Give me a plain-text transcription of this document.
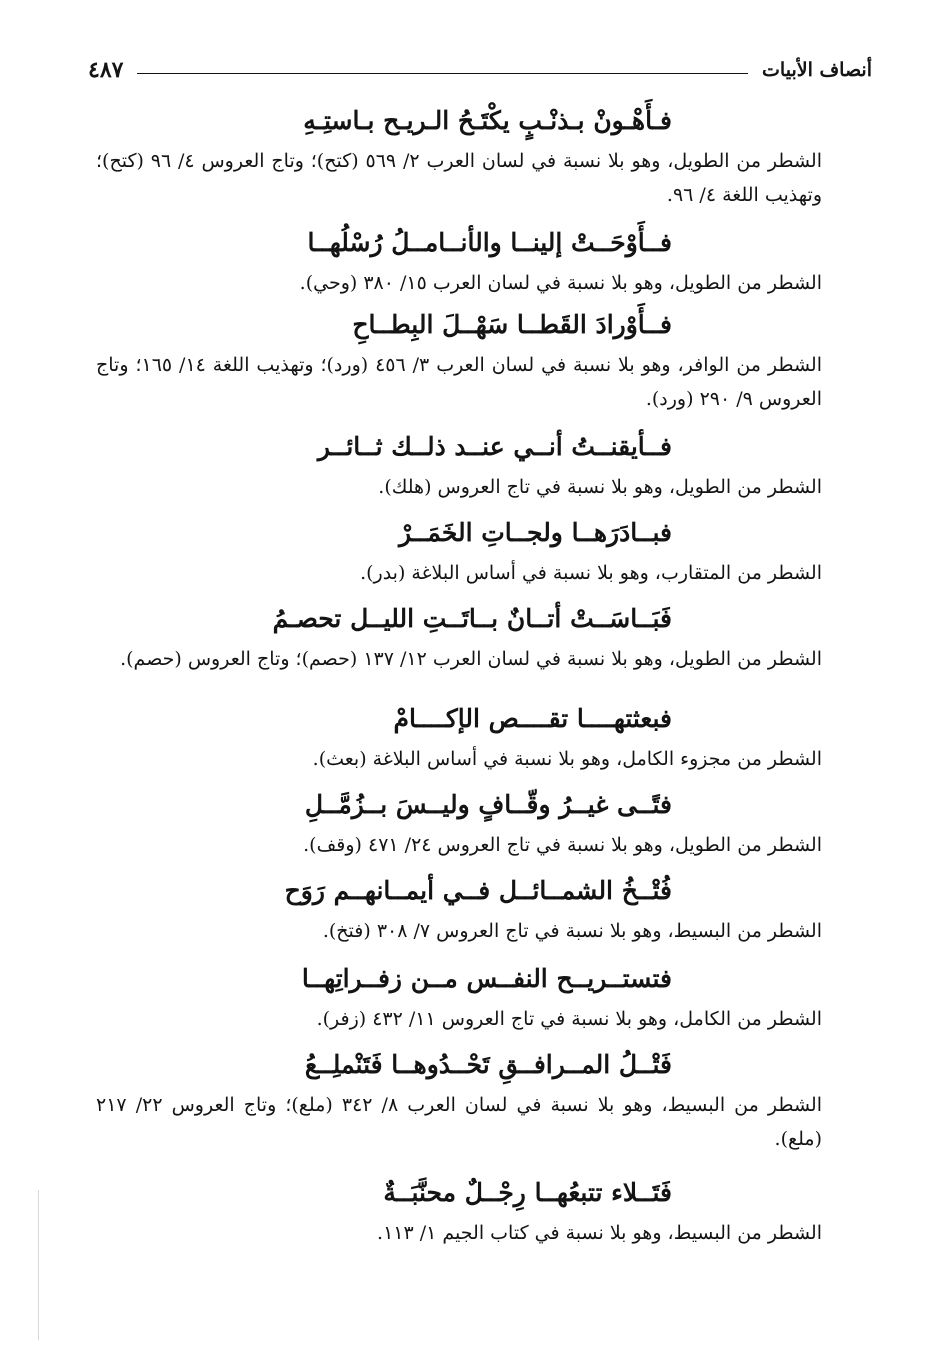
أنصاف الأبيات
٤٨٧
فـأَهْـونْ بـذنْـبٍ يكْتَـحُ الـريـح بـاستِـهِ
الشطر من الطويل، وهو بلا نسبة في لسان العرب ٢/ ٥٦٩ (كتح)؛ وتاج العروس ٤/ ٩٦ (كتح)؛ وتهذيب اللغة ٤/ ٩٦.
فــأَوْحَــتْ إلينــا والأنــامــلُ رُسْلُهــا
الشطر من الطويل، وهو بلا نسبة في لسان العرب ١٥/ ٣٨٠ (وحي).
فــأَوْرادَ القَطــا سَهْــلَ البِطــاحِ
الشطر من الوافر، وهو بلا نسبة في لسان العرب ٣/ ٤٥٦ (ورد)؛ وتهذيب اللغة ١٤/ ١٦٥؛ وتاج العروس ٩/ ٢٩٠ (ورد).
فــأيقنــتُ أنــي عنــد ذلــك ثــائــر
الشطر من الطويل، وهو بلا نسبة في تاج العروس (هلك).
فبــادَرَهــا ولجــاتِ الخَمَــرْ
الشطر من المتقارب، وهو بلا نسبة في أساس البلاغة (بدر).
فَبَــاسَــتْ أتــانٌ بــاتَــتِ الليــل تحصـمُ
الشطر من الطويل، وهو بلا نسبة في لسان العرب ١٢/ ١٣٧ (حصم)؛ وتاج العروس (حصم).
فبعثتهــــا تقــــص الإكــــامْ
الشطر من مجزوء الكامل، وهو بلا نسبة في أساس البلاغة (بعث).
فتًــى غيــرُ وقّــافٍ وليــسَ بــزُمَّــلِ
الشطر من الطويل، وهو بلا نسبة في تاج العروس ٢٤/ ٤٧١ (وقف).
فُتْــخُ الشمــائــل فــي أيمــانهــم رَوَح
الشطر من البسيط، وهو بلا نسبة في تاج العروس ٧/ ٣٠٨ (فتخ).
فتستــريــح النفــس مــن زفــراتِهــا
الشطر من الكامل، وهو بلا نسبة في تاج العروس ١١/ ٤٣٢ (زفر).
فَتْــلُ المــرافــقِ تَحْــدُوهــا فَتَنْملِــعُ
الشطر من البسيط، وهو بلا نسبة في لسان العرب ٨/ ٣٤٢ (ملع)؛ وتاج العروس ٢٢/ ٢١٧ (ملع).
فَتَــلاء تتبعُهــا رِجْــلٌ محنَّبَــةٌ
الشطر من البسيط، وهو بلا نسبة في كتاب الجيم ١/ ١١٣.
